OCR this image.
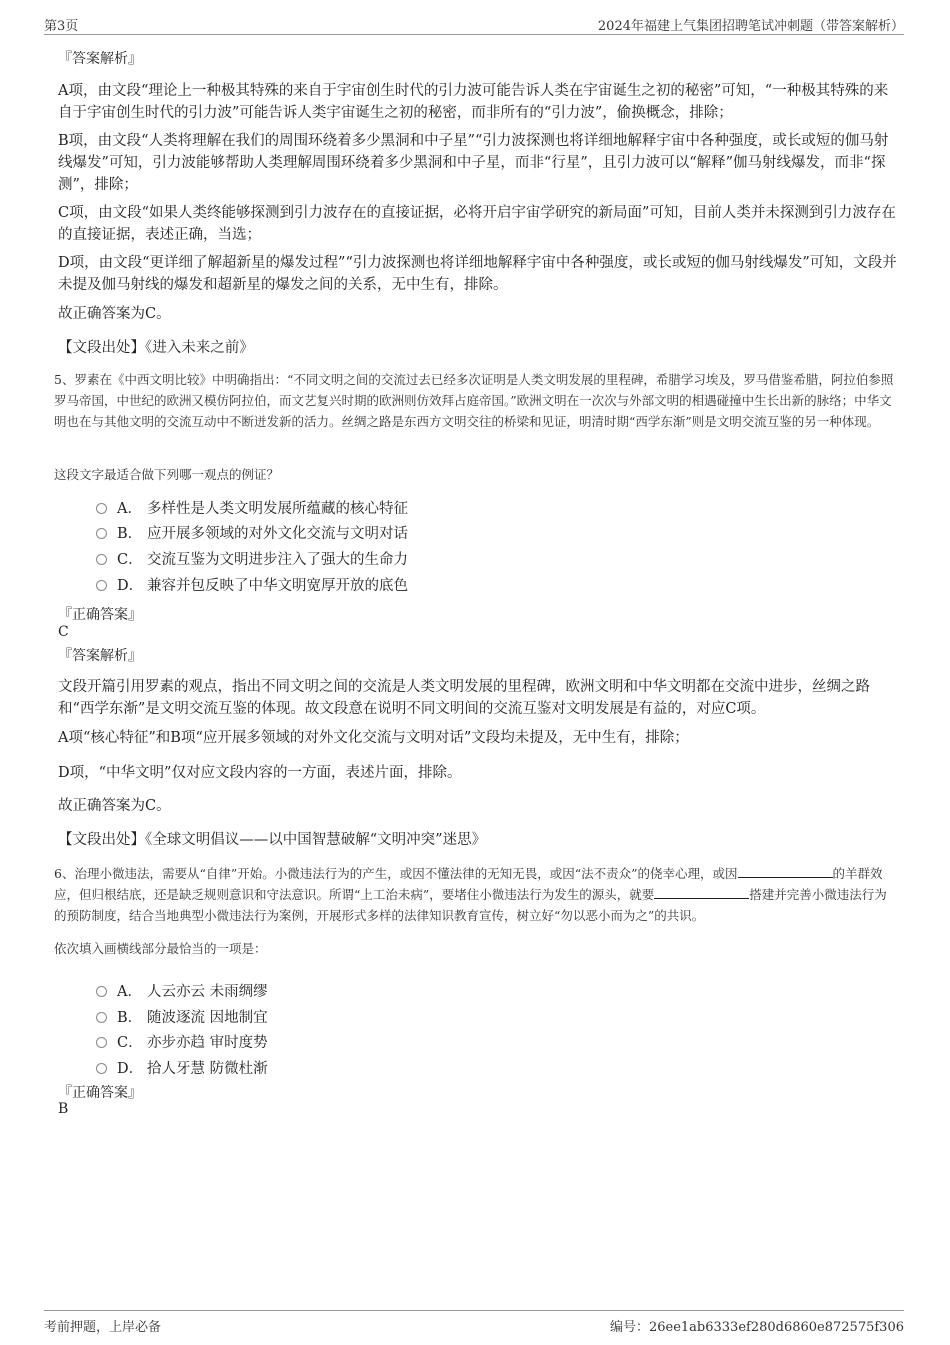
第3页	2024年福建上气集团招聘笔试冲刺题（带答案解析）
『答案解析』
A项，由文段“理论上一种极其特殊的来自于宇宙创生时代的引力波可能告诉人类在宇宙诞生之初的秘密”可知，“一种极其特殊的来自于宇宙创生时代的引力波”可能告诉人类宇宙诞生之初的秘密，而非所有的“引力波”，偷换概念，排除；
B项，由文段“人类将理解在我们的周围环绕着多少黑洞和中子星”“引力波探测也将详细地解释宇宙中各种强度，或长或短的伽马射线爆发”可知，引力波能够帮助人类理解周围环绕着多少黑洞和中子星，而非“行星”，且引力波可以“解释”伽马射线爆发，而非“探测”，排除；
C项，由文段“如果人类终能够探测到引力波存在的直接证据，必将开启宇宙学研究的新局面”可知，目前人类并未探测到引力波存在的直接证据，表述正确，当选；
D项，由文段“更详细了解超新星的爆发过程”“引力波探测也将详细地解释宇宙中各种强度，或长或短的伽马射线爆发”可知，文段并未提及伽马射线的爆发和超新星的爆发之间的关系，无中生有，排除。
故正确答案为C。
【文段出处】《进入未来之前》
5、罗素在《中西文明比较》中明确指出：“不同文明之间的交流过去已经多次证明是人类文明发展的里程碑，希腊学习埃及，罗马借鉴希腊，阿拉伯参照罗马帝国，中世纪的欧洲又模仿阿拉伯，而文艺复兴时期的欧洲则仿效拜占庭帝国。”欧洲文明在一次次与外部文明的相遇碰撞中生长出新的脉络；中华文明也在与其他文明的交流互动中不断迸发新的活力。丝绸之路是东西方文明交往的桥梁和见证，明清时期“西学东渐”则是文明交流互鉴的另一种体现。
这段文字最适合做下列哪一观点的例证？
A． 多样性是人类文明发展所蕴藏的核心特征
B． 应开展多领域的对外文化交流与文明对话
C． 交流互鉴为文明进步注入了强大的生命力
D． 兼容并包反映了中华文明宽厚开放的底色
『正确答案』
C
『答案解析』
文段开篇引用罗素的观点，指出不同文明之间的交流是人类文明发展的里程碑，欧洲文明和中华文明都在交流中进步，丝绸之路和“西学东渐”是文明交流互鉴的体现。故文段意在说明不同文明间的交流互鉴对文明发展是有益的，对应C项。
A项“核心特征”和B项“应开展多领域的对外文化交流与文明对话”文段均未提及，无中生有，排除；
D项，“中华文明”仅对应文段内容的一方面，表述片面，排除。
故正确答案为C。
【文段出处】《全球文明倡议——以中国智慧破解“文明冲突”迷思》
6、治理小微违法，需要从“自律”开始。小微违法行为的产生，或因不懂法律的无知无畏，或因“法不责众”的侥幸心理，或因	的羊群效应，但归根结底，还是缺乏规则意识和守法意识。所谓“上工治未病”，要堵住小微违法行为发生的源头，就要	搭建并完善小微违法行为的预防制度，结合当地典型小微违法行为案例，开展形式多样的法律知识教育宣传，树立好“勿以恶小而为之”的共识。
依次填入画横线部分最恰当的一项是：
A． 人云亦云 未雨绸缪
B． 随波逐流 因地制宜
C． 亦步亦趋 审时度势
D． 拾人牙慧 防微杜渐
『正确答案』
B
考前押题，上岸必备	编号：26ee1ab6333ef280d6860e872575f306
